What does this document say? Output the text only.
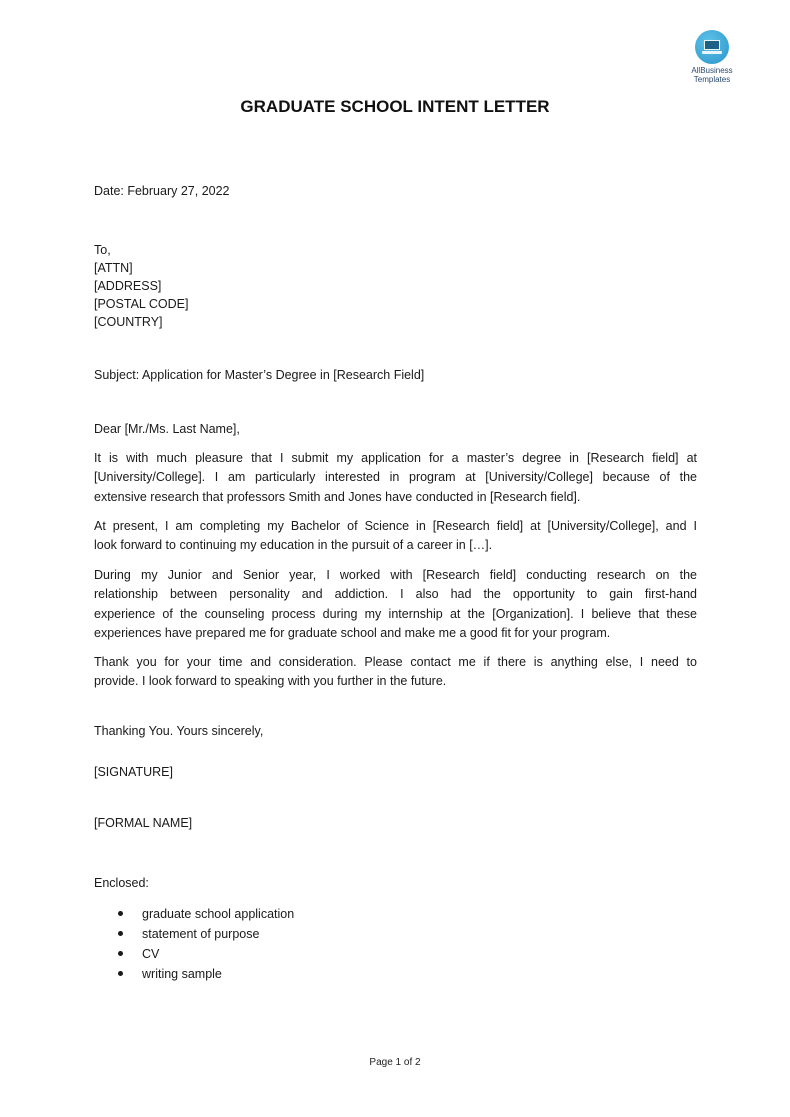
AllBusiness
Templates
GRADUATE SCHOOL INTENT LETTER
Date: February 27, 2022
To,
[ATTN]
[ADDRESS]
[POSTAL CODE]
[COUNTRY]
Subject: Application for Master’s Degree in [Research Field]
Dear [Mr./Ms. Last Name],
It is with much pleasure that I submit my application for a master’s degree in [Research field] at
[University/College]. I am particularly interested in program at [University/College] because of the
extensive research that professors Smith and Jones have conducted in [Research field].
At present, I am completing my Bachelor of Science in [Research field] at [University/College], and I
look forward to continuing my education in the pursuit of a career in […].
During my Junior and Senior year, I worked with [Research field] conducting research on the
relationship between personality and addiction. I also had the opportunity to gain first-hand
experience of the counseling process during my internship at the [Organization]. I believe that these
experiences have prepared me for graduate school and make me a good fit for your program.
Thank you for your time and consideration. Please contact me if there is anything else, I need to
provide. I look forward to speaking with you further in the future.
Thanking You. Yours sincerely,
[SIGNATURE]
[FORMAL NAME]
Enclosed:
graduate school application
statement of purpose
CV
writing sample
Page 1 of 2
